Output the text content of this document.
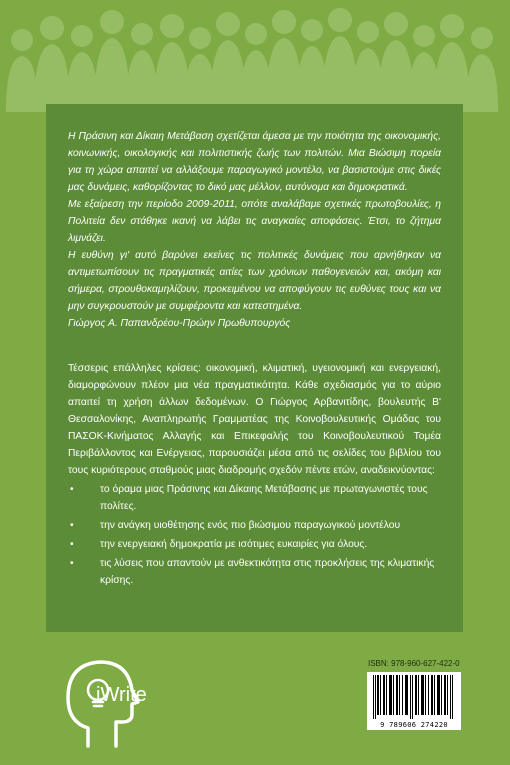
Η Πράσινη και Δίκαιη Μετάβαση σχετίζεται άμεσα με την ποιότητα της οικονομικής, κοινωνικής, οικολογικής και πολιτιστικής ζωής των πολιτών. Μια Βιώσιμη πορεία για τη χώρα απαιτεί να αλλάξουμε παραγωγικό μοντέλο, να βασιστούμε στις δικές μας δυνάμεις, καθορίζοντας το δικό μας μέλλον, αυτόνομα και δημοκρατικά.

Με εξαίρεση την περίοδο 2009-2011, οπότε αναλάβαμε σχετικές πρωτοβουλίες, η Πολιτεία δεν στάθηκε ικανή να λάβει τις αναγκαίες αποφάσεις. Έτσι, το ζήτημα λιμνάζει.

Η ευθύνη γι' αυτό βαρύνει εκείνες τις πολιτικές δυνάμεις που αρνήθηκαν να αντιμετωπίσουν τις πραγματικές αιτίες των χρόνιων παθογενειών και, ακόμη και σήμερα, στρουθοκαμηλίζουν, προκειμένου να αποφύγουν τις ευθύνες τους και να μην συγκρουστούν με συμφέροντα και κατεστημένα.

Γιώργος Α. Παπανδρέου-Πρώην Πρωθυπουργός

Τέσσερις επάλληλες κρίσεις: οικονομική, κλιματική, υγειονομική και ενεργειακή, διαμορφώνουν πλέον μια νέα πραγματικότητα. Κάθε σχεδιασμός για το αύριο απαιτεί τη χρήση άλλων δεδομένων. Ο Γιώργος Αρβανιτίδης, βουλευτής Β' Θεσσαλονίκης, Αναπληρωτής Γραμματέας της Κοινοβουλευτικής Ομάδας του ΠΑΣΟΚ-Κινήματος Αλλαγής και Επικεφαλής του Κοινοβουλευτικού Τομέα Περιβάλλοντος και Ενέργειας, παρουσιάζει μέσα από τις σελίδες του βιβλίου του τους κυριότερους σταθμούς μιας διαδρομής σχεδόν πέντε ετών, αναδεικνύοντας:

•	το όραμα μιας Πράσινης και Δίκαιης Μετάβασης με πρωταγωνιστές τους πολίτες.
•	την ανάγκη υιοθέτησης ενός πιο βιώσιμου παραγωγικού μοντέλου
•	την ενεργειακή δημοκρατία με ισότιμες ευκαιρίες για όλους.
•	τις λύσεις που απαντούν με ανθεκτικότητα στις προκλήσεις της κλιματικής κρίσης.
iWrite
ISBN: 978-960-627-422-0
9 789606 274220
